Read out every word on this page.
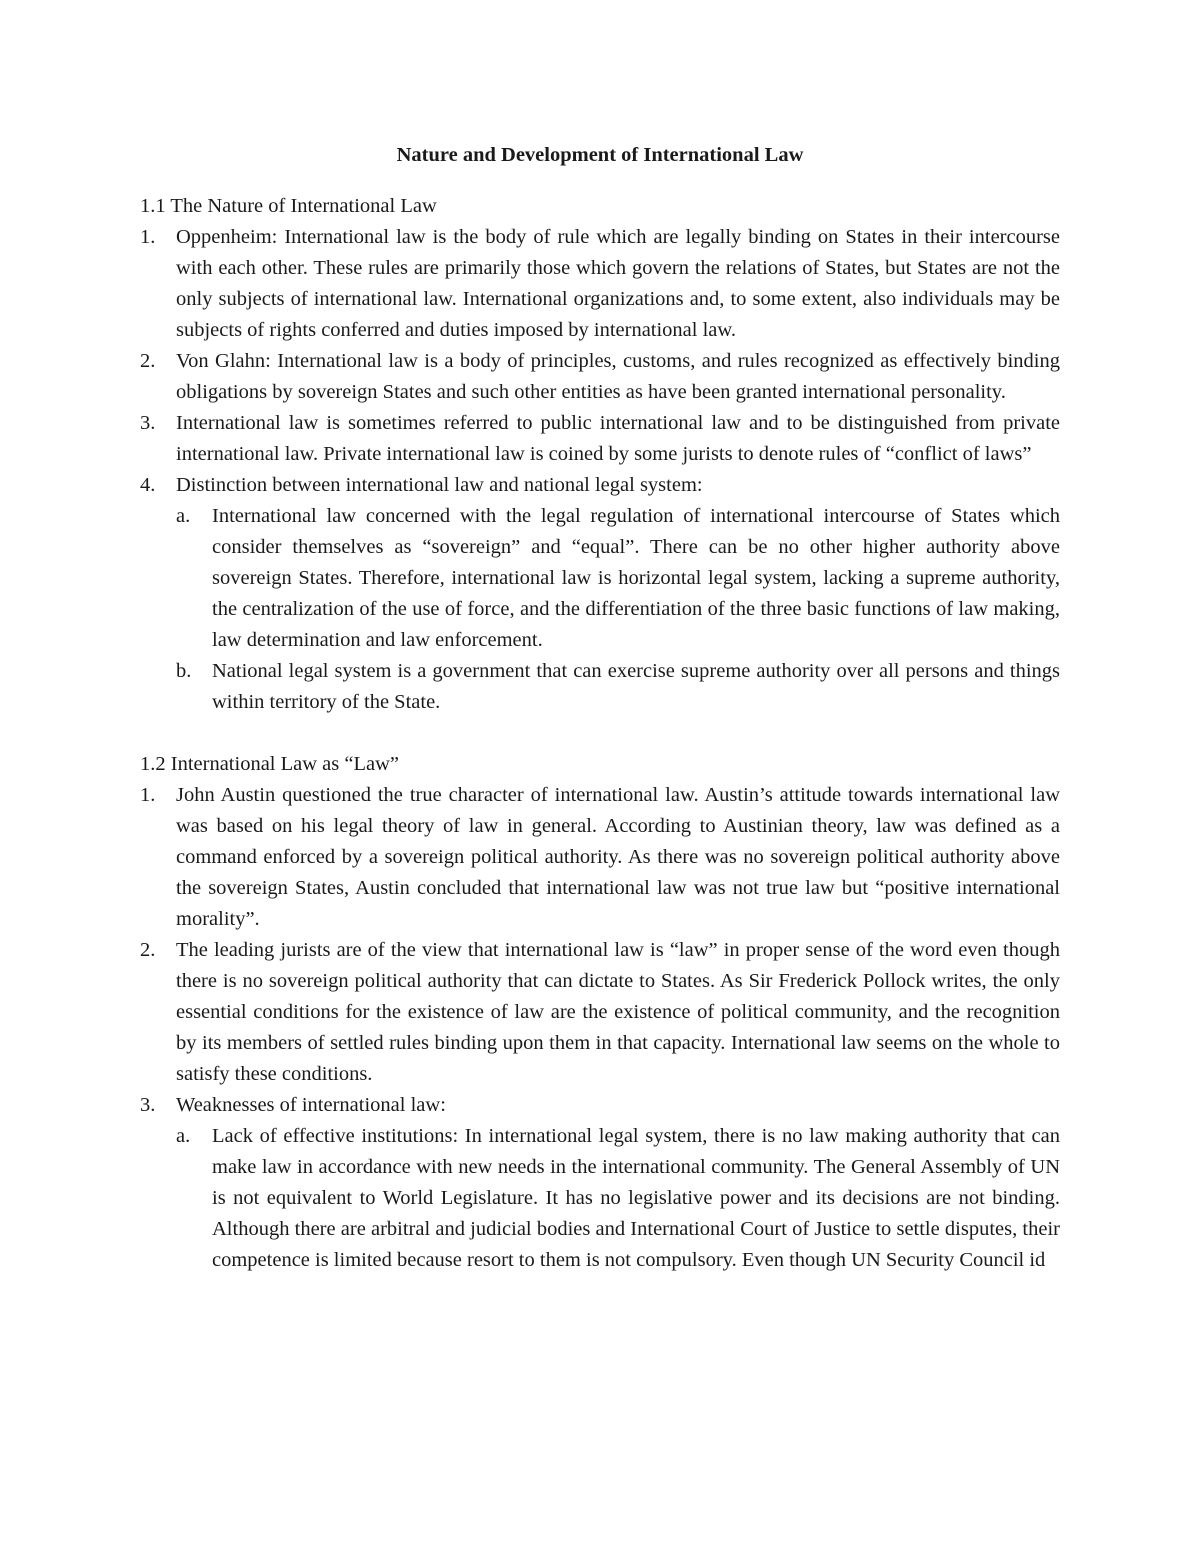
Nature and Development of International Law
1.1 The Nature of International Law
1. Oppenheim: International law is the body of rule which are legally binding on States in their intercourse with each other. These rules are primarily those which govern the relations of States, but States are not the only subjects of international law. International organizations and, to some extent, also individuals may be subjects of rights conferred and duties imposed by international law.
2. Von Glahn: International law is a body of principles, customs, and rules recognized as effectively binding obligations by sovereign States and such other entities as have been granted international personality.
3. International law is sometimes referred to public international law and to be distinguished from private international law. Private international law is coined by some jurists to denote rules of “conflict of laws”
4. Distinction between international law and national legal system:
a. International law concerned with the legal regulation of international intercourse of States which consider themselves as “sovereign” and “equal”. There can be no other higher authority above sovereign States. Therefore, international law is horizontal legal system, lacking a supreme authority, the centralization of the use of force, and the differentiation of the three basic functions of law making, law determination and law enforcement.
b. National legal system is a government that can exercise supreme authority over all persons and things within territory of the State.
1.2 International Law as “Law”
1. John Austin questioned the true character of international law. Austin’s attitude towards international law was based on his legal theory of law in general. According to Austinian theory, law was defined as a command enforced by a sovereign political authority. As there was no sovereign political authority above the sovereign States, Austin concluded that international law was not true law but “positive international morality”.
2. The leading jurists are of the view that international law is “law” in proper sense of the word even though there is no sovereign political authority that can dictate to States. As Sir Frederick Pollock writes, the only essential conditions for the existence of law are the existence of political community, and the recognition by its members of settled rules binding upon them in that capacity. International law seems on the whole to satisfy these conditions.
3. Weaknesses of international law:
a. Lack of effective institutions: In international legal system, there is no law making authority that can make law in accordance with new needs in the international community. The General Assembly of UN is not equivalent to World Legislature. It has no legislative power and its decisions are not binding. Although there are arbitral and judicial bodies and International Court of Justice to settle disputes, their competence is limited because resort to them is not compulsory. Even though UN Security Council id
